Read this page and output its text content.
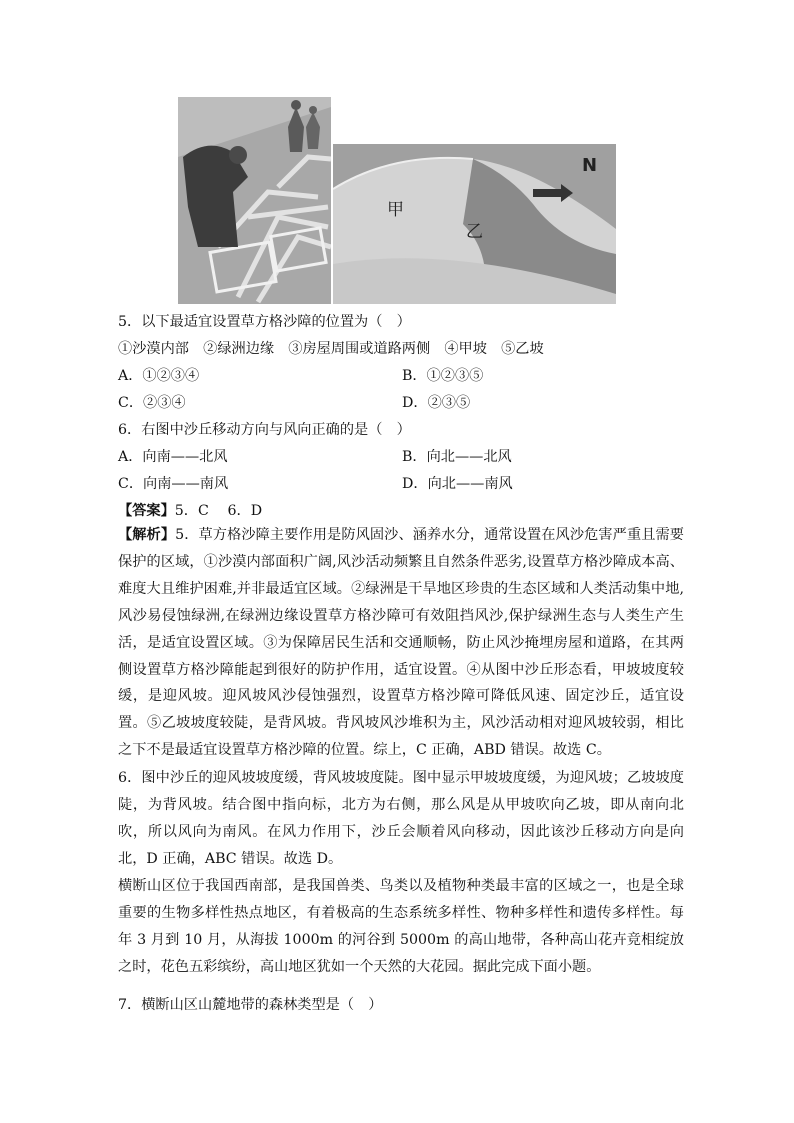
N
甲
乙
5．以下最适宜设置草方格沙障的位置为（　）
①沙漠内部　②绿洲边缘　③房屋周围或道路两侧　④甲坡　⑤乙坡
A．①②③④	B．①②③⑤
C．②③④	D．②③⑤
6．右图中沙丘移动方向与风向正确的是（　）
A．向南——北风	B．向北——北风
C．向南——南风	D．向北——南风
【答案】5．C　 6．D
【解析】5．草方格沙障主要作用是防风固沙、涵养水分，通常设置在风沙危害严重且需要保护的区域，①沙漠内部面积广阔,风沙活动频繁且自然条件恶劣,设置草方格沙障成本高、难度大且维护困难,并非最适宜区域。②绿洲是干旱地区珍贵的生态区域和人类活动集中地,风沙易侵蚀绿洲,在绿洲边缘设置草方格沙障可有效阻挡风沙,保护绿洲生态与人类生产生活，是适宜设置区域。③为保障居民生活和交通顺畅，防止风沙掩埋房屋和道路，在其两侧设置草方格沙障能起到很好的防护作用，适宜设置。④从图中沙丘形态看，甲坡坡度较缓，是迎风坡。迎风坡风沙侵蚀强烈，设置草方格沙障可降低风速、固定沙丘，适宜设置。⑤乙坡坡度较陡，是背风坡。背风坡风沙堆积为主，风沙活动相对迎风坡较弱，相比之下不是最适宜设置草方格沙障的位置。综上，C 正确，ABD 错误。故选 C。
6．图中沙丘的迎风坡坡度缓，背风坡坡度陡。图中显示甲坡坡度缓，为迎风坡；乙坡坡度陡，为背风坡。结合图中指向标，北方为右侧，那么风是从甲坡吹向乙坡，即从南向北吹，所以风向为南风。在风力作用下，沙丘会顺着风向移动，因此该沙丘移动方向是向北，D 正确，ABC 错误。故选 D。
横断山区位于我国西南部，是我国兽类、鸟类以及植物种类最丰富的区域之一，也是全球重要的生物多样性热点地区，有着极高的生态系统多样性、物种多样性和遗传多样性。每年 3 月到 10 月，从海拔 1000m 的河谷到 5000m 的高山地带，各种高山花卉竞相绽放之时，花色五彩缤纷，高山地区犹如一个天然的大花园。据此完成下面小题。
7．横断山区山麓地带的森林类型是（　）
